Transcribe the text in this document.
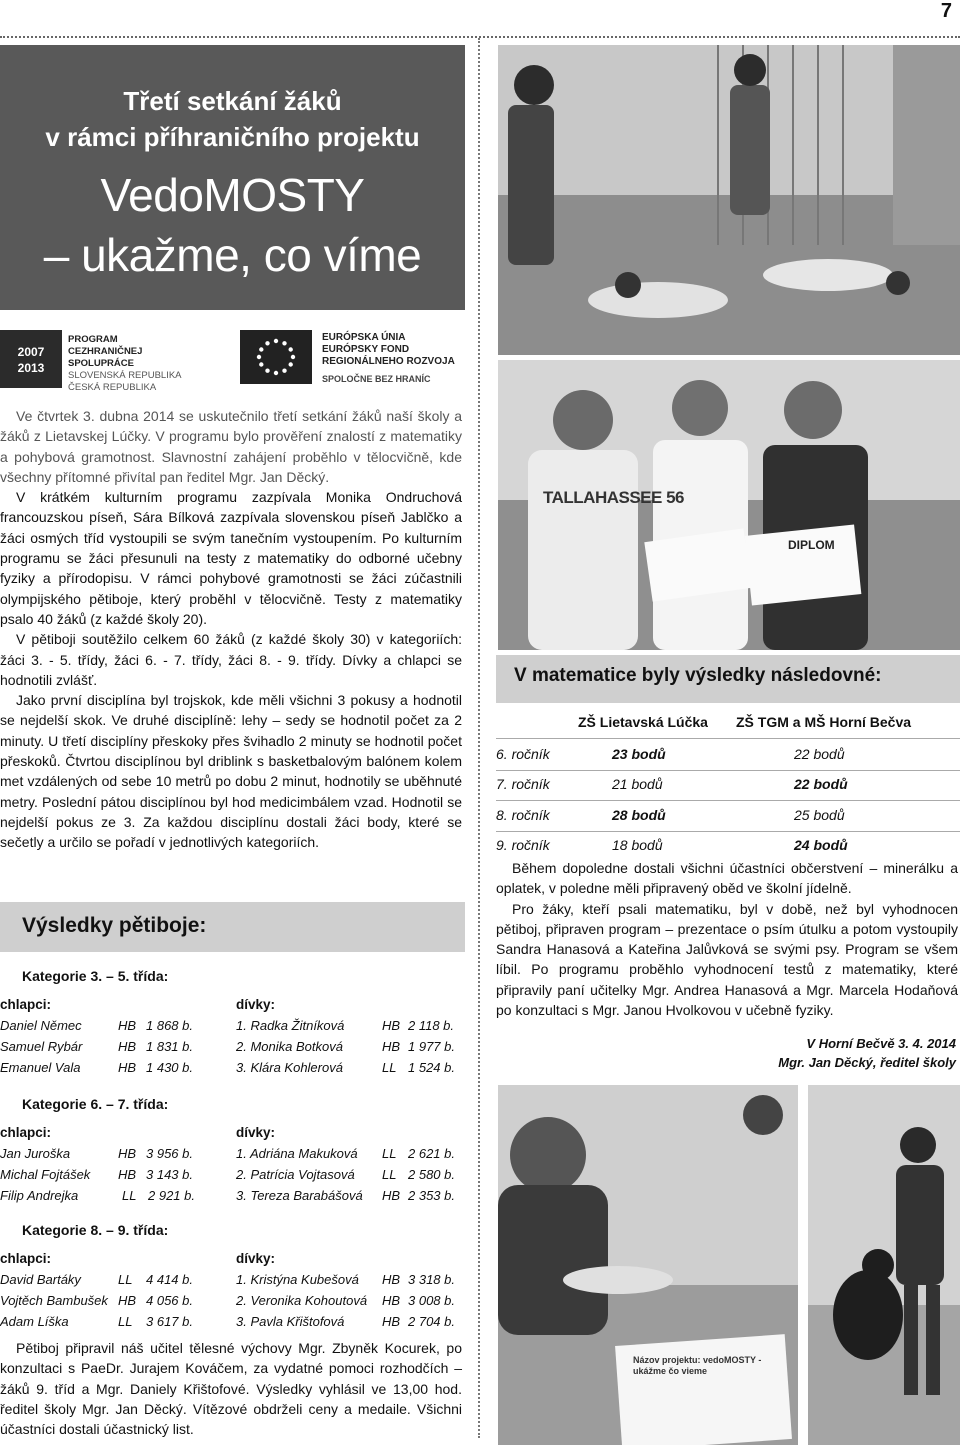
7
Třetí setkání žáků
v rámci příhraničního projektu
VedoMOSTY
– ukažme, co víme
2007
2013
PROGRAM
CEZHRANIČNEJ
SPOLUPRÁCE
SLOVENSKÁ REPUBLIKA
ČESKÁ REPUBLIKA
EURÓPSKA ÚNIA
EURÓPSKY FOND
REGIONÁLNEHO ROZVOJA
SPOLOČNE BEZ HRANÍC

Ve čtvrtek 3. dubna 2014 se uskutečnilo třetí setkání žáků naší školy a žáků z Lietavskej Lúčky. V programu bylo prověření znalostí z matematiky a pohybová gramotnost. Slavnostní zahájení proběhlo v tělocvičně, kde všechny přítomné přivítal pan ředitel Mgr. Jan Děcký.

V krátkém kulturním programu zazpívala Monika Ondruchová francouzskou píseň, Sára Bílková zazpívala slovenskou píseň Jablčko a žáci osmých tříd vystoupili se svým tanečním vystoupením. Po kulturním programu se žáci přesunuli na testy z matematiky do odborné učebny fyziky a přírodopisu. V rámci pohybové gramotnosti se žáci zúčastnili olympijského pětiboje, který proběhl v tělocvičně. Testy z matematiky psalo 40 žáků (z každé školy 20).

V pětiboji soutěžilo celkem 60 žáků (z každé školy 30) v kategoriích: žáci 3. - 5. třídy, žáci 6. - 7. třídy, žáci 8. - 9. třídy. Dívky a chlapci se hodnotili zvlášť.

Jako první disciplína byl trojskok, kde měli všichni 3 pokusy a hodnotil se nejdelší skok. Ve druhé disciplíně: lehy – sedy se hodnotil počet za 2 minuty. U třetí disciplíny přeskoky přes švihadlo 2 minuty se hodnotil počet přeskoků. Čtvrtou disciplínou byl driblink s basketbalovým balónem kolem met vzdálených od sebe 10 metrů po dobu 2 minut, hodnotily se uběhnuté metry. Poslední pátou disciplínou byl hod medicimbálem vzad. Hodnotil se nejdelší pokus ze 3. Za každou disciplínu dostali žáci body, které se sečetly a určilo se pořadí v jednotlivých kategoriích.

Výsledky pětiboje:
Kategorie 3. – 5. třída:
chlapci:	dívky:
Daniel Němec	HB 1 868 b.	1. Radka Žitníková	HB 2 118 b.
Samuel Rybár	HB 1 831 b.	2. Monika Botková	HB 1 977 b.
Emanuel Vala	HB 1 430 b.	3. Klára Kohlerová	LL 1 524 b.
Kategorie 6. – 7. třída:
chlapci:	dívky:
Jan Juroška	HB 3 956 b.	1. Adriána Makuková LL 2 621 b.
Michal Fojtášek HB 3 143 b.	2. Patrícia Vojtasová LL 2 580 b.
Filip Andrejka	LL 2 921 b.	3. Tereza Barabášová HB 2 353 b.
Kategorie 8. – 9. třída:
chlapci:	dívky:
David Bartáky	LL 4 414 b.	1. Kristýna Kubešová HB 3 318 b.
Vojtěch Bambušek HB 4 056 b.	2. Veronika Kohoutová HB 3 008 b.
Adam Líška	LL 3 617 b.	3. Pavla Křištofová	HB 2 704 b.

Pětiboj připravil náš učitel tělesné výchovy Mgr. Zbyněk Kocurek, po konzultaci s PaeDr. Jurajem Kováčem, za vydatné pomoci rozhodčích – žáků 9. tříd a Mgr. Daniely Křištofové. Výsledky vyhlásil ve 13,00 hod. ředitel školy Mgr. Jan Děcký. Vítězové obdrželi ceny a medaile. Všichni účastníci dostali účastnický list.

TALLAHASSEE 56
DIPLOM
V matematice byly výsledky následovné:
ZŠ Lietavská Lúčka ZŠ TGM a MŠ Horní Bečva
6. ročník	23 bodů	22 bodů
7. ročník	21 bodů	22 bodů
8. ročník	28 bodů	25 bodů
9. ročník	18 bodů	24 bodů

Během dopoledne dostali všichni účastníci občerstvení – minerálku a oplatek, v poledne měli připravený oběd ve školní jídelně.

Pro žáky, kteří psali matematiku, byl v době, než byl vyhodnocen pětiboj, připraven program – prezentace o psím útulku a potom vystoupily Sandra Hanasová a Kateřina Jalůvková se svými psy. Program se všem líbil. Po programu proběhlo vyhodnocení testů z matematiky, které připravily paní učitelky Mgr. Andrea Hanasová a Mgr. Marcela Hodaňová po konzultaci s Mgr. Janou Hvolkovou v učebně fyziky.

V Horní Bečvě 3. 4. 2014
Mgr. Jan Děcký, ředitel školy
Názov projektu: vedoMOSTY - ukážme čo vieme
